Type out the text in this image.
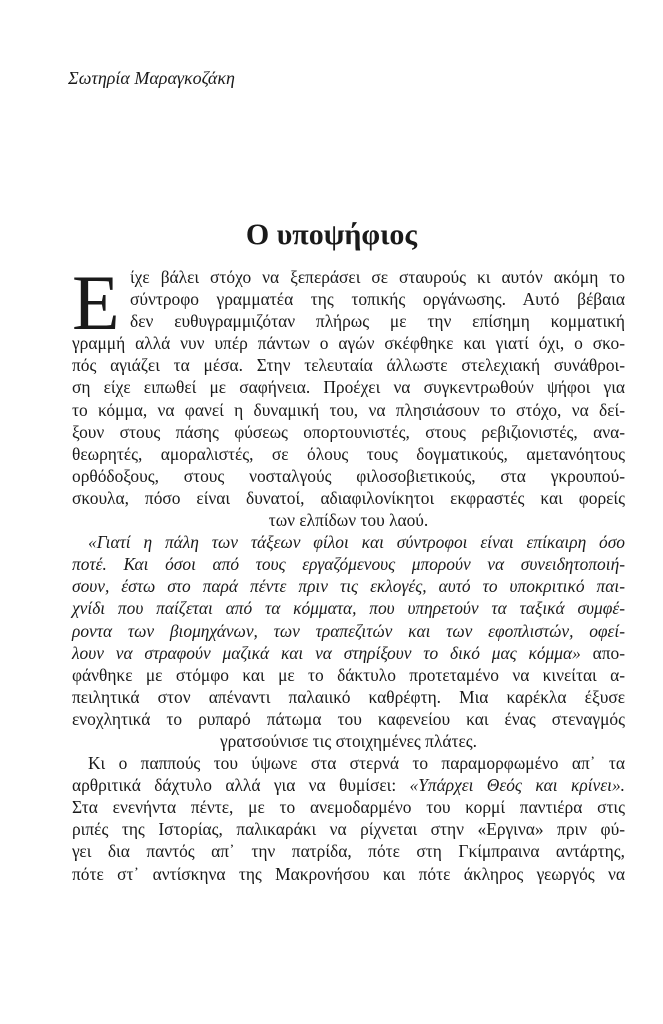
Σωτηρία Μαραγκοζάκη
Ο υποψήφιος
Ε ίχε βάλει στόχο να ξεπεράσει σε σταυρούς κι αυτόν ακόμη το
σύντροφο γραμματέα της τοπικής οργάνωσης. Αυτό βέβαια
δεν ευθυγραμμιζόταν πλήρως με την επίσημη κομματική
γραμμή αλλά νυν υπέρ πάντων ο αγών σκέφθηκε και γιατί όχι, ο σκο-
πός αγιάζει τα μέσα. Στην τελευταία άλλωστε στελεχιακή συνάθροι-
ση είχε ειπωθεί με σαφήνεια. Προέχει να συγκεντρωθούν ψήφοι για
το κόμμα, να φανεί η δυναμική του, να πλησιάσουν το στόχο, να δεί-
ξουν στους πάσης φύσεως οπορτουνιστές, στους ρεβιζιονιστές, ανα-
θεωρητές, αμοραλιστές, σε όλους τους δογματικούς, αμετανόητους
ορθόδοξους, στους νοσταλγούς φιλοσοβιετικούς, στα γκρουπού-
σκουλα, πόσο είναι δυνατοί, αδιαφιλονίκητοι εκφραστές και φορείς
των ελπίδων του λαού.
«Γιατί η πάλη των τάξεων φίλοι και σύντροφοι είναι επίκαιρη όσο
ποτέ. Και όσοι από τους εργαζόμενους μπορούν να συνειδητοποιή-
σουν, έστω στο παρά πέντε πριν τις εκλογές, αυτό το υποκριτικό παι-
χνίδι που παίζεται από τα κόμματα, που υπηρετούν τα ταξικά συμφέ-
ροντα των βιομηχάνων, των τραπεζιτών και των εφοπλιστών, οφεί-
λουν να στραφούν μαζικά και να στηρίξουν το δικό μας κόμμα» απο-
φάνθηκε με στόμφο και με το δάκτυλο προτεταμένο να κινείται α-
πειλητικά στον απέναντι παλαιικό καθρέφτη. Μια καρέκλα έξυσε
ενοχλητικά το ρυπαρό πάτωμα του καφενείου και ένας στεναγμός
γρατσούνισε τις στοιχημένες πλάτες.
Κι ο παππούς του ύψωνε στα στερνά το παραμορφωμένο απ᾽ τα
αρθριτικά δάχτυλο αλλά για να θυμίσει: «Υπάρχει Θεός και κρίνει».
Στα ενενήντα πέντε, με το ανεμοδαρμένο του κορμί παντιέρα στις
ριπές της Ιστορίας, παλικαράκι να ρίχνεται στην «Εργινα» πριν φύ-
γει δια παντός απ᾽ την πατρίδα, πότε στη Γκίμπραινα αντάρτης,
πότε στ᾽ αντίσκηνα της Μακρονήσου και πότε άκληρος γεωργός να
